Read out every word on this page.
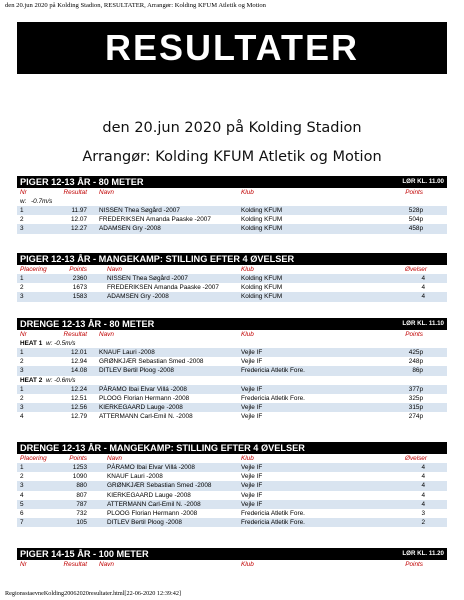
den 20.jun 2020 på Kolding Stadion, RESULTATER, Arrangør: Kolding KFUM Atletik og Motion
RESULTATER
den 20.jun 2020 på Kolding Stadion
Arrangør: Kolding KFUM Atletik og Motion
PIGER 12-13 ÅR - 80 METER	LØR KL. 11.00
Nr	Resultat Navn	Klub	Points
w: -0.7m/s
1	11.97 NISSEN Thea Søgård -2007	Kolding KFUM	528p
2	12.07 FREDERIKSEN Amanda Paaske -2007	Kolding KFUM	504p
3	12.27 ADAMSEN Gry -2008	Kolding KFUM	458p
PIGER 12-13 ÅR - MANGEKAMP: STILLING EFTER 4 ØVELSER
Placering	Points	Navn	Klub	Øvelser
1	2360	NISSEN Thea Søgård -2007	Kolding KFUM	4
2	1673	FREDERIKSEN Amanda Paaske -2007	Kolding KFUM	4
3	1583	ADAMSEN Gry -2008	Kolding KFUM	4
DRENGE 12-13 ÅR - 80 METER	LØR KL. 11.10
Nr	Resultat Navn	Klub	Points
HEAT 1 w: -0.5m/s
1	12.01 KNAUF Lauri -2008	Vejle IF	425p
2	12.94 GRØNKJÆR Sebastian Smed -2008	Vejle IF	248p
3	14.08 DITLEV Bertil Ploog -2008	Fredericia Atletik Fore.	86p
HEAT 2 w: -0.6m/s
1	12.24 PÀRAMO Ibai Elvar Villá -2008	Vejle IF	377p
2	12.51 PLOOG Florian Hermann -2008	Fredericia Atletik Fore.	325p
3	12.56 KIERKEGAARD Lauge -2008	Vejle IF	315p
4	12.79 ATTERMANN Carl-Emil N. -2008	Vejle IF	274p
DRENGE 12-13 ÅR - MANGEKAMP: STILLING EFTER 4 ØVELSER
Placering	Points	Navn	Klub	Øvelser
1	1253	PÀRAMO Ibai Elvar Villá -2008	Vejle IF	4
2	1090	KNAUF Lauri -2008	Vejle IF	4
3	880	GRØNKJÆR Sebastian Smed -2008	Vejle IF	4
4	807	KIERKEGAARD Lauge -2008	Vejle IF	4
5	787	ATTERMANN Carl-Emil N. -2008	Vejle IF	4
6	732	PLOOG Florian Hermann -2008	Fredericia Atletik Fore.	3
7	105	DITLEV Bertil Ploog -2008	Fredericia Atletik Fore.	2
PIGER 14-15 ÅR - 100 METER	LØR KL. 11.20
Nr	Resultat Navn	Klub	Points
RegionsstaevneKolding20062020resultater.html[22-06-2020 12:39:42]
